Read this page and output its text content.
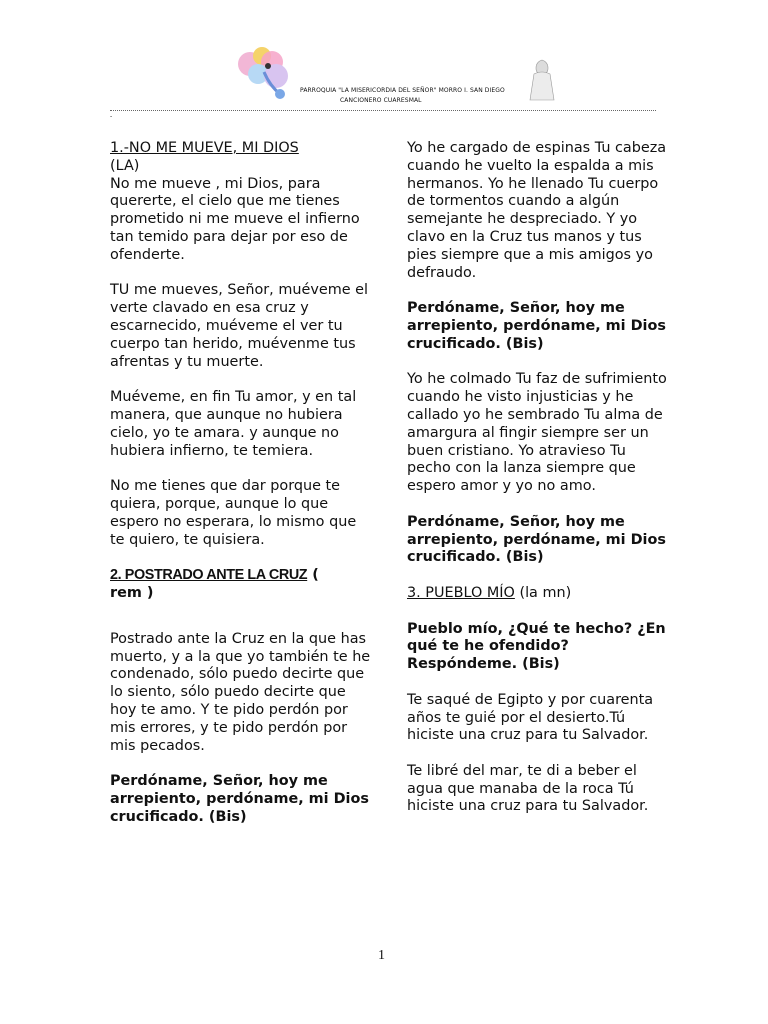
PARROQUIA "LA MISERICORDIA DEL SEÑOR" MORRO I. SAN DIEGO
CANCIONERO CUARESMAL
-

1.-NO ME MUEVE, MI DIOS
(LA)
No me mueve , mi Dios, para quererte, el cielo que me tienes prometido ni me mueve el infierno tan temido para dejar por eso de ofenderte.

TU me mueves, Señor, muéveme el verte clavado en esa cruz y escarnecido, muéveme el ver tu cuerpo tan herido, muévenme tus afrentas y tu muerte.

Muéveme, en fin Tu amor, y en tal manera, que aunque no hubiera cielo, yo te amara. y aunque no hubiera infierno, te temiera.

No me tienes que dar porque te quiera, porque, aunque lo que espero no esperara, lo mismo que te quiero, te quisiera.

2. POSTRADO ANTE LA CRUZ (
rem )

Postrado ante la Cruz en la que has muerto, y a la que yo también te he condenado, sólo puedo decirte que lo siento, sólo puedo decirte que hoy te amo. Y te pido perdón por mis errores, y te pido perdón por mis pecados.

Perdóname, Señor, hoy me arrepiento, perdóname, mi Dios crucificado. (Bis)

Yo he cargado de espinas Tu cabeza cuando he vuelto la espalda a mis hermanos. Yo he llenado Tu cuerpo de tormentos cuando a algún semejante he despreciado. Y yo clavo en la Cruz tus manos y tus pies siempre que a mis amigos yo defraudo.

Perdóname, Señor, hoy me arrepiento, perdóname, mi Dios crucificado. (Bis)

Yo he colmado Tu faz de sufrimiento cuando he visto injusticias y he callado yo he sembrado Tu alma de amargura al fingir siempre ser un buen cristiano. Yo atravieso Tu pecho con la lanza siempre que espero amor y yo no amo.

Perdóname, Señor, hoy me arrepiento, perdóname, mi Dios crucificado. (Bis)

3. PUEBLO MÍO (la mn)

Pueblo mío, ¿Qué te hecho? ¿En qué te he ofendido? Respóndeme. (Bis)

Te saqué de Egipto y por cuarenta años te guié por el desierto.Tú hiciste una cruz para tu Salvador.

Te libré del mar, te di a beber el agua que manaba de la roca Tú hiciste una cruz para tu Salvador.

1
